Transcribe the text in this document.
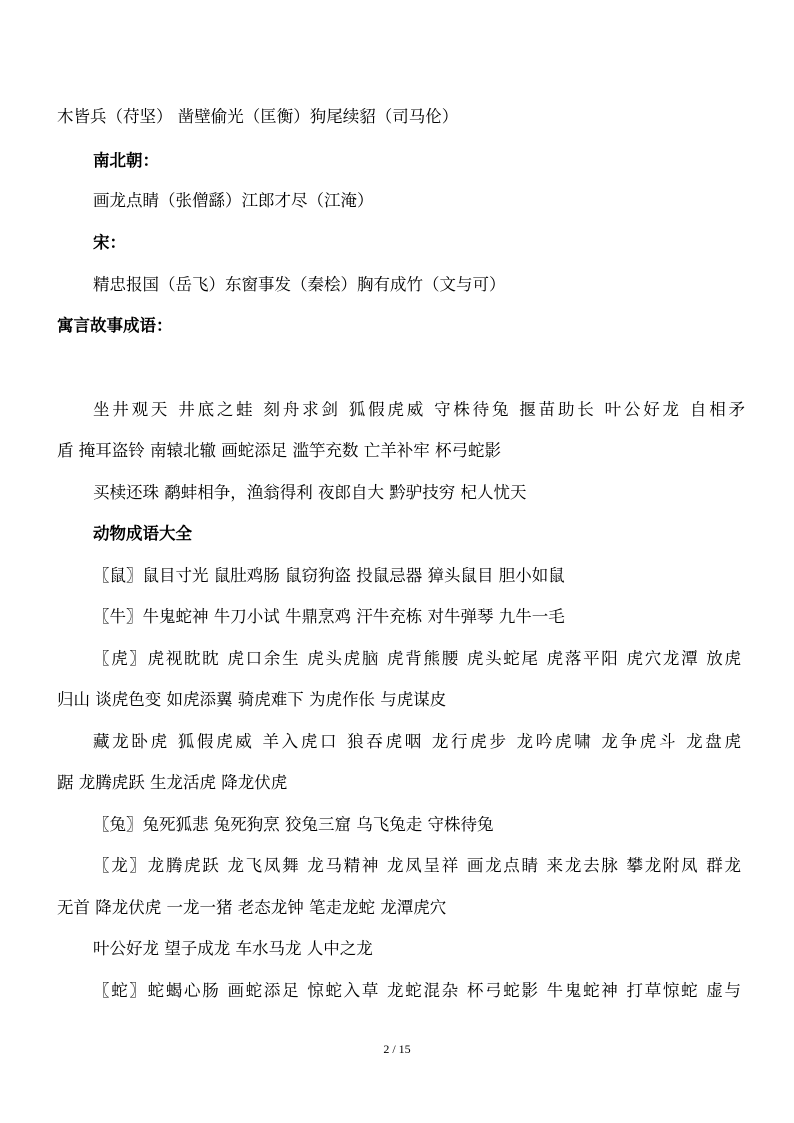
木皆兵（苻坚） 凿壁偷光（匡衡）狗尾续貂（司马伦）
南北朝：
画龙点睛（张僧繇）江郎才尽（江淹）
宋：
精忠报国（岳飞）东窗事发（秦桧）胸有成竹（文与可）
寓言故事成语：
坐井观天 井底之蛙 刻舟求剑 狐假虎威 守株待兔 揠苗助长 叶公好龙 自相矛
盾 掩耳盗铃 南辕北辙 画蛇添足 滥竽充数 亡羊补牢 杯弓蛇影
买椟还珠 鹬蚌相争，渔翁得利 夜郎自大 黔驴技穷 杞人忧天
动物成语大全
〖鼠〗鼠目寸光 鼠肚鸡肠 鼠窃狗盗 投鼠忌器 獐头鼠目 胆小如鼠
〖牛〗牛鬼蛇神 牛刀小试 牛鼎烹鸡 汗牛充栋 对牛弹琴 九牛一毛
〖虎〗虎视眈眈 虎口余生 虎头虎脑 虎背熊腰 虎头蛇尾 虎落平阳 虎穴龙潭 放虎
归山 谈虎色变 如虎添翼 骑虎难下 为虎作伥 与虎谋皮
藏龙卧虎 狐假虎威 羊入虎口 狼吞虎咽 龙行虎步 龙吟虎啸 龙争虎斗 龙盘虎
踞 龙腾虎跃 生龙活虎 降龙伏虎
〖兔〗兔死狐悲 兔死狗烹 狡兔三窟 乌飞兔走 守株待兔
〖龙〗龙腾虎跃 龙飞凤舞 龙马精神 龙凤呈祥 画龙点睛 来龙去脉 攀龙附凤 群龙
无首 降龙伏虎 一龙一猪 老态龙钟 笔走龙蛇 龙潭虎穴
叶公好龙 望子成龙 车水马龙 人中之龙
〖蛇〗蛇蝎心肠 画蛇添足 惊蛇入草 龙蛇混杂 杯弓蛇影 牛鬼蛇神 打草惊蛇 虚与
2 / 15
